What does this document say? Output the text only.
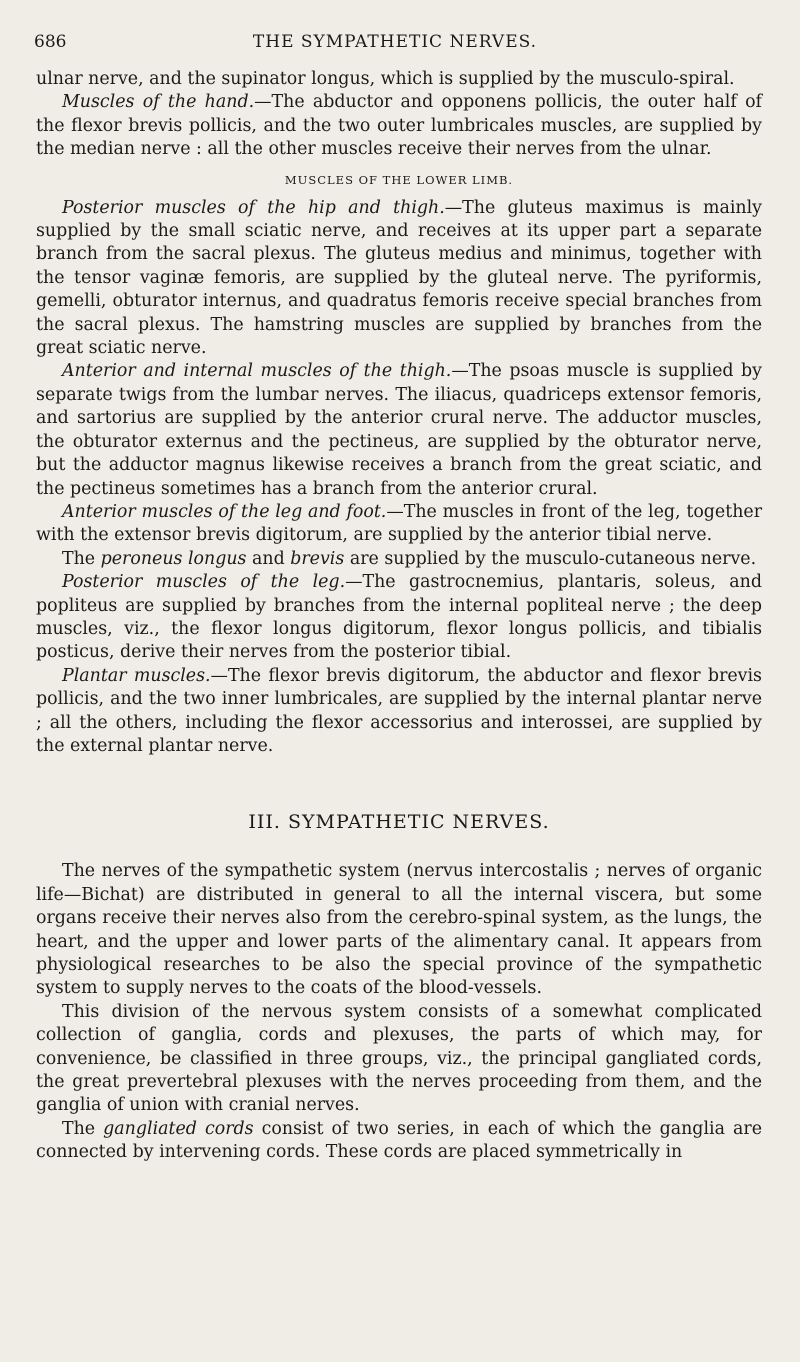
686	THE SYMPATHETIC NERVES.

ulnar nerve, and the supinator longus, which is supplied by the musculo-spiral.

Muscles of the hand.—The abductor and opponens pollicis, the outer half of the flexor brevis pollicis, and the two outer lumbricales muscles, are supplied by the median nerve : all the other muscles receive their nerves from the ulnar.

MUSCLES OF THE LOWER LIMB.

Posterior muscles of the hip and thigh.—The gluteus maximus is mainly supplied by the small sciatic nerve, and receives at its upper part a separate branch from the sacral plexus. The gluteus medius and minimus, together with the tensor vaginæ femoris, are supplied by the gluteal nerve. The pyriformis, gemelli, obturator internus, and quadratus femoris receive special branches from the sacral plexus. The hamstring muscles are supplied by branches from the great sciatic nerve.

Anterior and internal muscles of the thigh.—The psoas muscle is supplied by separate twigs from the lumbar nerves. The iliacus, quadriceps extensor femoris, and sartorius are supplied by the anterior crural nerve. The adductor muscles, the obturator externus and the pectineus, are supplied by the obturator nerve, but the adductor magnus likewise receives a branch from the great sciatic, and the pectineus sometimes has a branch from the anterior crural.

Anterior muscles of the leg and foot.—The muscles in front of the leg, together with the extensor brevis digitorum, are supplied by the anterior tibial nerve.

The peroneus longus and brevis are supplied by the musculo-cutaneous nerve.

Posterior muscles of the leg.—The gastrocnemius, plantaris, soleus, and popliteus are supplied by branches from the internal popliteal nerve ; the deep muscles, viz., the flexor longus digitorum, flexor longus pollicis, and tibialis posticus, derive their nerves from the posterior tibial.

Plantar muscles.—The flexor brevis digitorum, the abductor and flexor brevis pollicis, and the two inner lumbricales, are supplied by the internal plantar nerve ; all the others, including the flexor accessorius and interossei, are supplied by the external plantar nerve.

III. SYMPATHETIC NERVES.

The nerves of the sympathetic system (nervus intercostalis ; nerves of organic life—Bichat) are distributed in general to all the internal viscera, but some organs receive their nerves also from the cerebro-spinal system, as the lungs, the heart, and the upper and lower parts of the alimentary canal. It appears from physiological researches to be also the special province of the sympathetic system to supply nerves to the coats of the blood-vessels.

This division of the nervous system consists of a somewhat complicated collection of ganglia, cords and plexuses, the parts of which may, for convenience, be classified in three groups, viz., the principal gangliated cords, the great prevertebral plexuses with the nerves proceeding from them, and the ganglia of union with cranial nerves.

The gangliated cords consist of two series, in each of which the ganglia are connected by intervening cords. These cords are placed symmetrically in
